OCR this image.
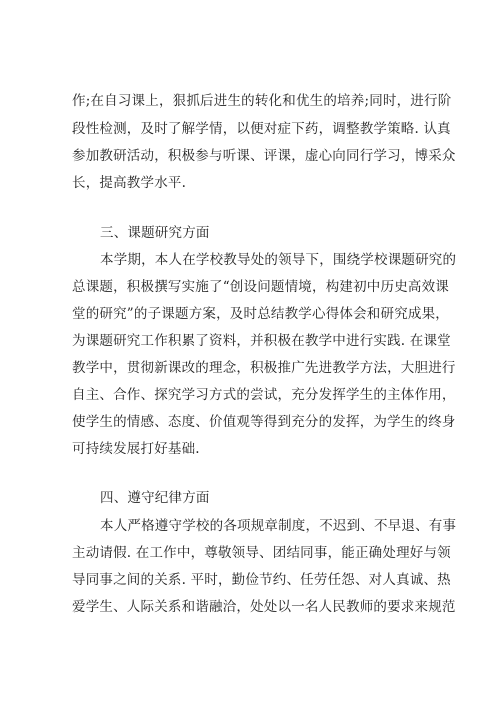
作;在自习课上，狠抓后进生的转化和优生的培养;同时，进行阶
段性检测，及时了解学情，以便对症下药，调整教学策略. 认真
参加教研活动，积极参与听课、评课，虚心向同行学习，博采众
长，提高教学水平.
三、课题研究方面
本学期，本人在学校教导处的领导下，围绕学校课题研究的
总课题，积极撰写实施了“创设问题情境，构建初中历史高效课
堂的研究”的子课题方案，及时总结教学心得体会和研究成果，
为课题研究工作积累了资料，并积极在教学中进行实践. 在课堂
教学中，贯彻新课改的理念，积极推广先进教学方法，大胆进行
自主、合作、探究学习方式的尝试，充分发挥学生的主体作用，
使学生的情感、态度、价值观等得到充分的发挥，为学生的终身
可持续发展打好基础.
四、遵守纪律方面
本人严格遵守学校的各项规章制度，不迟到、不早退、有事
主动请假. 在工作中，尊敬领导、团结同事，能正确处理好与领
导同事之间的关系. 平时，勤俭节约、任劳任怨、对人真诚、热
爱学生、人际关系和谐融洽，处处以一名人民教师的要求来规范
